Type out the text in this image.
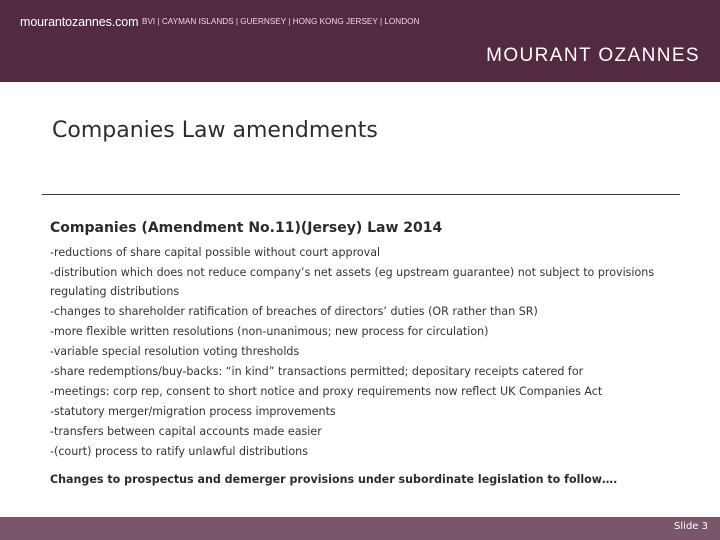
mourantozannes.com BVI | CAYMAN ISLANDS | GUERNSEY | HONG KONG JERSEY | LONDON
MOURANT OZANNES
Companies Law amendments
Companies (Amendment No.11)(Jersey) Law 2014
-reductions of share capital possible without court approval
-distribution which does not reduce company’s net assets (eg upstream guarantee) not subject to provisions regulating distributions
-changes to shareholder ratification of breaches of directors’ duties (OR rather than SR)
-more flexible written resolutions (non-unanimous; new process for circulation)
-variable special resolution voting thresholds
-share redemptions/buy-backs: “in kind” transactions permitted; depositary receipts catered for
-meetings: corp rep, consent to short notice and proxy requirements now reflect UK Companies Act
-statutory merger/migration process improvements
-transfers between capital accounts made easier
-(court) process to ratify unlawful distributions
Changes to prospectus and demerger provisions under subordinate legislation to follow….
Slide 3
